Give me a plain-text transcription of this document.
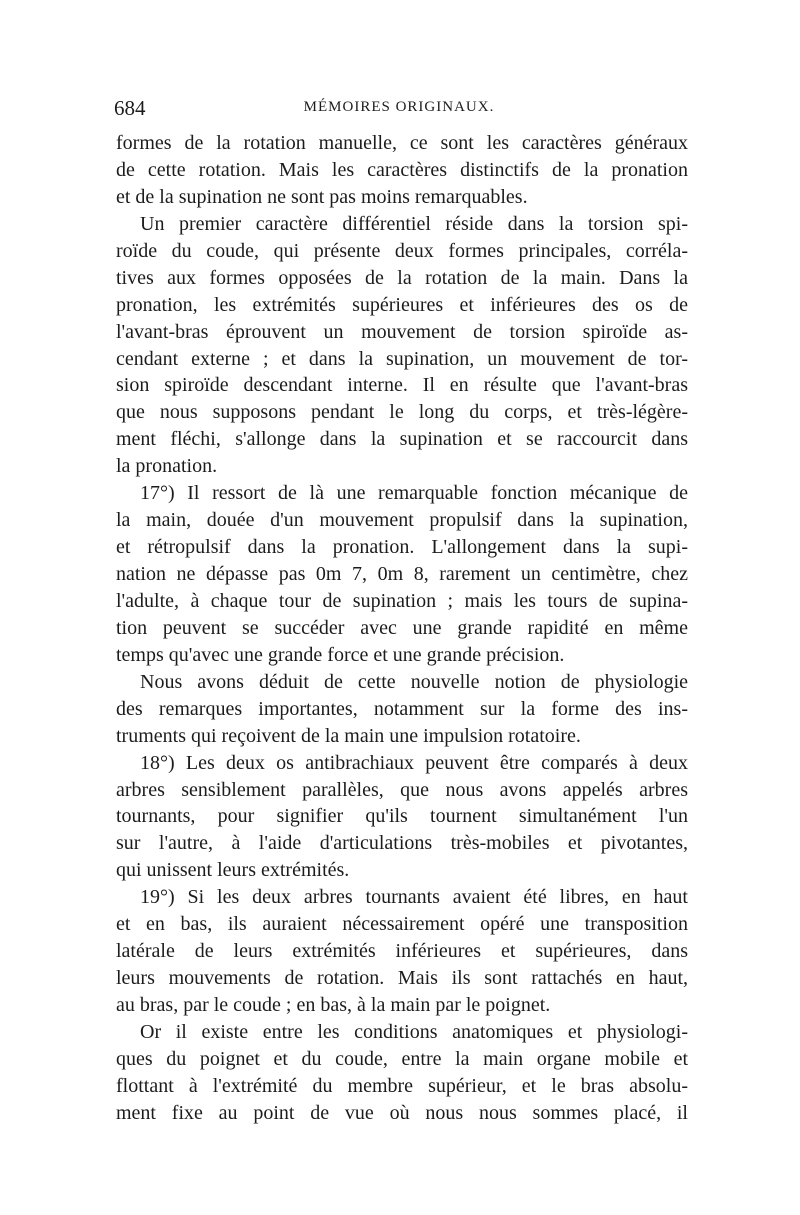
684	MÉMOIRES ORIGINAUX.
formes de la rotation manuelle, ce sont les caractères généraux
de cette rotation. Mais les caractères distinctifs de la pronation
et de la supination ne sont pas moins remarquables.
Un premier caractère différentiel réside dans la torsion spi-
roïde du coude, qui présente deux formes principales, corréla-
tives aux formes opposées de la rotation de la main. Dans la
pronation, les extrémités supérieures et inférieures des os de
l'avant-bras éprouvent un mouvement de torsion spiroïde as-
cendant externe ; et dans la supination, un mouvement de tor-
sion spiroïde descendant interne. Il en résulte que l'avant-bras
que nous supposons pendant le long du corps, et très-légère-
ment fléchi, s'allonge dans la supination et se raccourcit dans
la pronation.
17°) Il ressort de là une remarquable fonction mécanique de
la main, douée d'un mouvement propulsif dans la supination,
et rétropulsif dans la pronation. L'allongement dans la supi-
nation ne dépasse pas 0m 7, 0m 8, rarement un centimètre, chez
l'adulte, à chaque tour de supination ; mais les tours de supina-
tion peuvent se succéder avec une grande rapidité en même
temps qu'avec une grande force et une grande précision.
Nous avons déduit de cette nouvelle notion de physiologie
des remarques importantes, notamment sur la forme des ins-
truments qui reçoivent de la main une impulsion rotatoire.
18°) Les deux os antibrachiaux peuvent être comparés à deux
arbres sensiblement parallèles, que nous avons appelés arbres
tournants, pour signifier qu'ils tournent simultanément l'un
sur l'autre, à l'aide d'articulations très-mobiles et pivotantes,
qui unissent leurs extrémités.
19°) Si les deux arbres tournants avaient été libres, en haut
et en bas, ils auraient nécessairement opéré une transposition
latérale de leurs extrémités inférieures et supérieures, dans
leurs mouvements de rotation. Mais ils sont rattachés en haut,
au bras, par le coude ; en bas, à la main par le poignet.
Or il existe entre les conditions anatomiques et physiologi-
ques du poignet et du coude, entre la main organe mobile et
flottant à l'extrémité du membre supérieur, et le bras absolu-
ment fixe au point de vue où nous nous sommes placé, il
